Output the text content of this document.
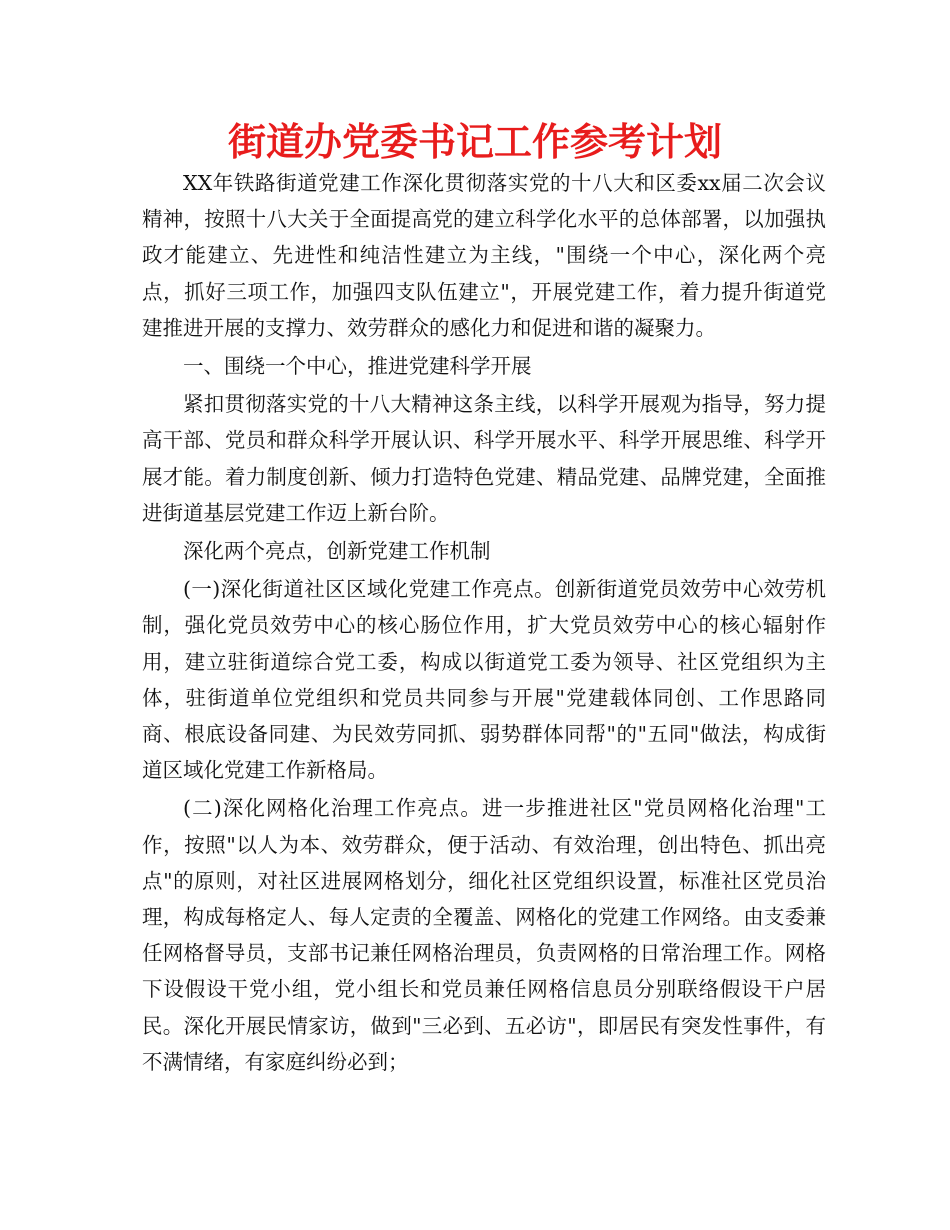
街道办党委书记工作参考计划

XX年铁路街道党建工作深化贯彻落实党的十八大和区委xx届二次会议精神，按照十八大关于全面提高党的建立科学化水平的总体部署，以加强执政才能建立、先进性和纯洁性建立为主线，"围绕一个中心，深化两个亮点，抓好三项工作，加强四支队伍建立"，开展党建工作，着力提升街道党建推进开展的支撑力、效劳群众的感化力和促进和谐的凝聚力。

一、围绕一个中心，推进党建科学开展

紧扣贯彻落实党的十八大精神这条主线，以科学开展观为指导，努力提高干部、党员和群众科学开展认识、科学开展水平、科学开展思维、科学开展才能。着力制度创新、倾力打造特色党建、精品党建、品牌党建，全面推进街道基层党建工作迈上新台阶。

深化两个亮点，创新党建工作机制

(一)深化街道社区区域化党建工作亮点。创新街道党员效劳中心效劳机制，强化党员效劳中心的核心肠位作用，扩大党员效劳中心的核心辐射作用，建立驻街道综合党工委，构成以街道党工委为领导、社区党组织为主体，驻街道单位党组织和党员共同参与开展"党建载体同创、工作思路同商、根底设备同建、为民效劳同抓、弱势群体同帮"的"五同"做法，构成街道区域化党建工作新格局。

(二)深化网格化治理工作亮点。进一步推进社区"党员网格化治理"工作，按照"以人为本、效劳群众，便于活动、有效治理，创出特色、抓出亮点"的原则，对社区进展网格划分，细化社区党组织设置，标准社区党员治理，构成每格定人、每人定责的全覆盖、网格化的党建工作网络。由支委兼任网格督导员，支部书记兼任网格治理员，负责网格的日常治理工作。网格下设假设干党小组，党小组长和党员兼任网格信息员分别联络假设干户居民。深化开展民情家访，做到"三必到、五必访"，即居民有突发性事件，有不满情绪，有家庭纠纷必到；
